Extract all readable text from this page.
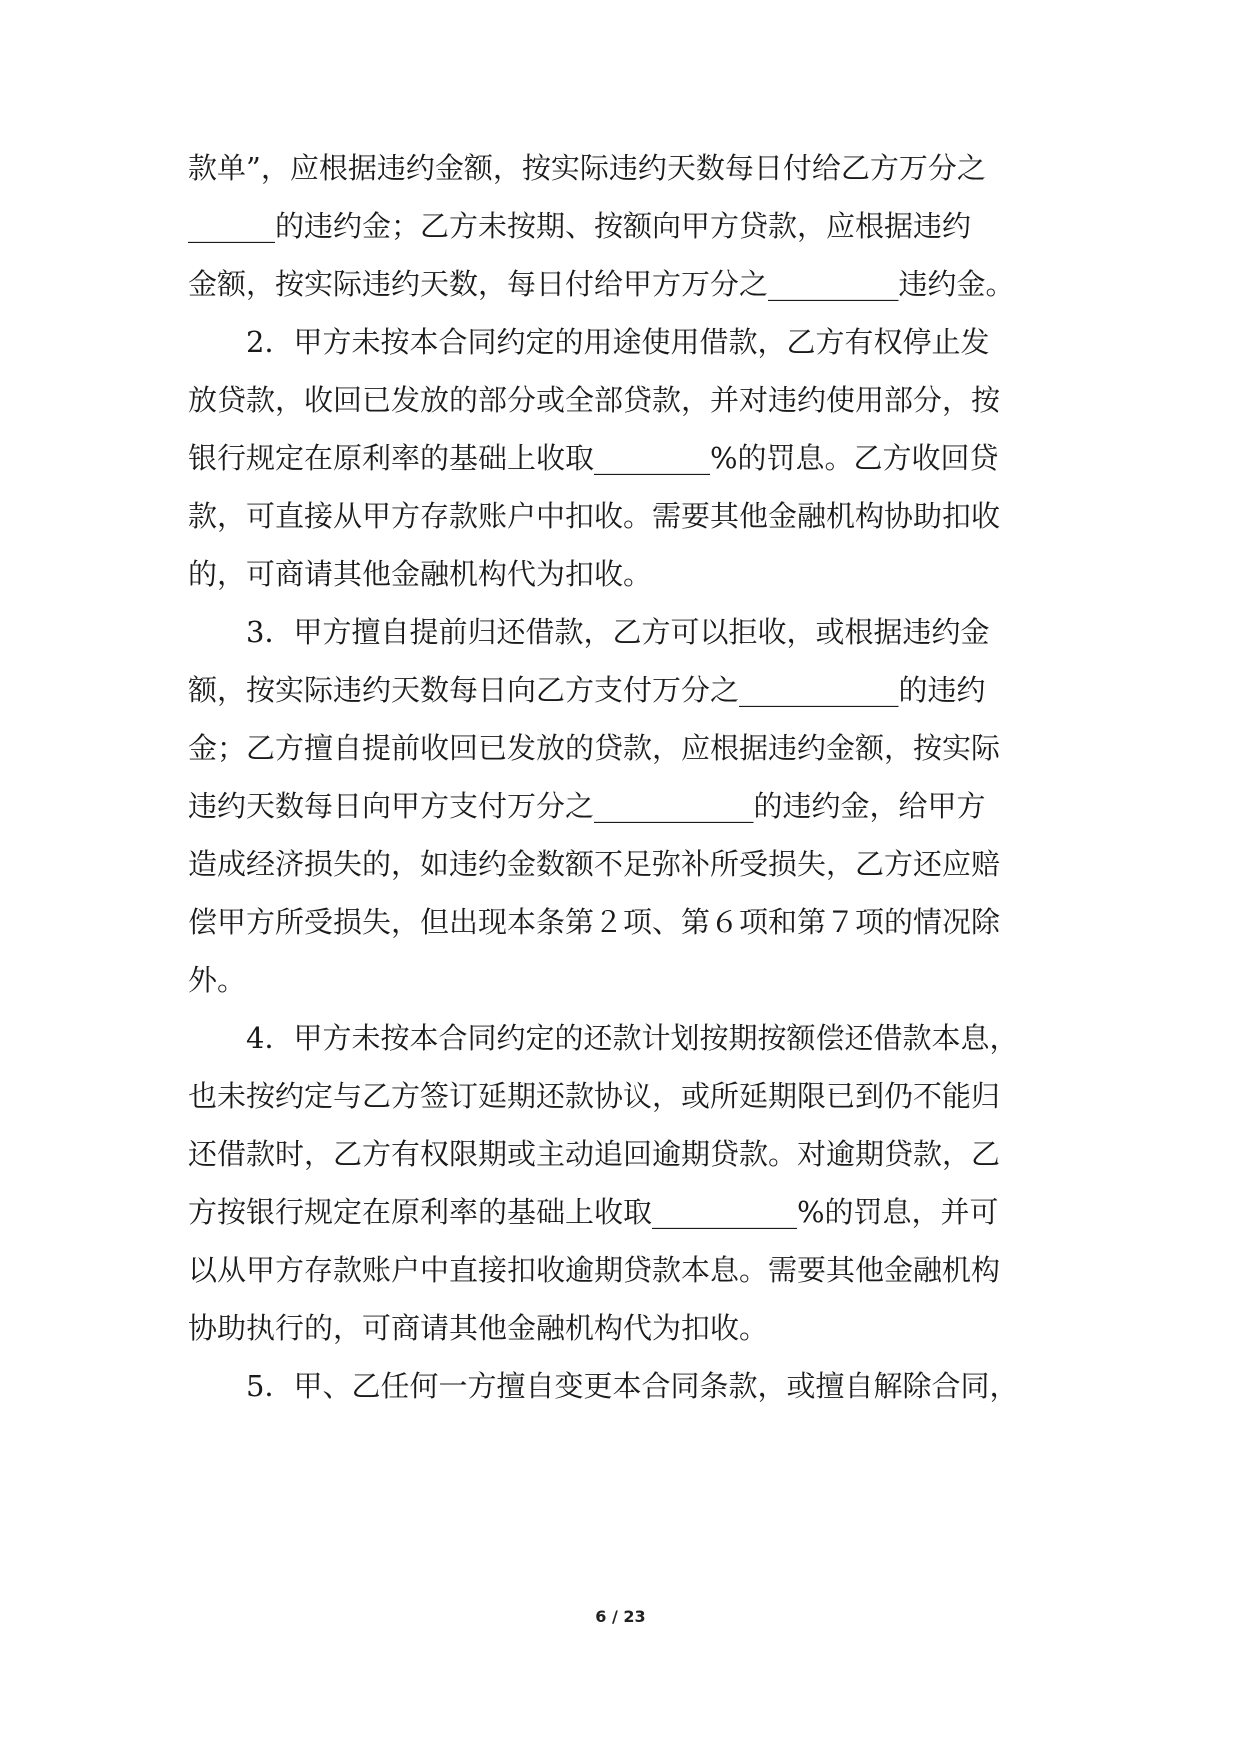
款单”，应根据违约金额，按实际违约天数每日付给乙方万分之
______的违约金；乙方未按期、按额向甲方贷款，应根据违约
金额，按实际违约天数，每日付给甲方万分之_________违约金。
　　2．甲方未按本合同约定的用途使用借款，乙方有权停止发
放贷款，收回已发放的部分或全部贷款，并对违约使用部分，按
银行规定在原利率的基础上收取________%的罚息。乙方收回贷
款，可直接从甲方存款账户中扣收。需要其他金融机构协助扣收
的，可商请其他金融机构代为扣收。
　　3．甲方擅自提前归还借款，乙方可以拒收，或根据违约金
额，按实际违约天数每日向乙方支付万分之___________的违约
金；乙方擅自提前收回已发放的贷款，应根据违约金额，按实际
违约天数每日向甲方支付万分之___________的违约金，给甲方
造成经济损失的，如违约金数额不足弥补所受损失，乙方还应赔
偿甲方所受损失，但出现本条第２项、第６项和第７项的情况除
外。
　　4．甲方未按本合同约定的还款计划按期按额偿还借款本息，
也未按约定与乙方签订延期还款协议，或所延期限已到仍不能归
还借款时，乙方有权限期或主动追回逾期贷款。对逾期贷款，乙
方按银行规定在原利率的基础上收取__________%的罚息，并可
以从甲方存款账户中直接扣收逾期贷款本息。需要其他金融机构
协助执行的，可商请其他金融机构代为扣收。
　　5．甲、乙任何一方擅自变更本合同条款，或擅自解除合同，
6 / 23
